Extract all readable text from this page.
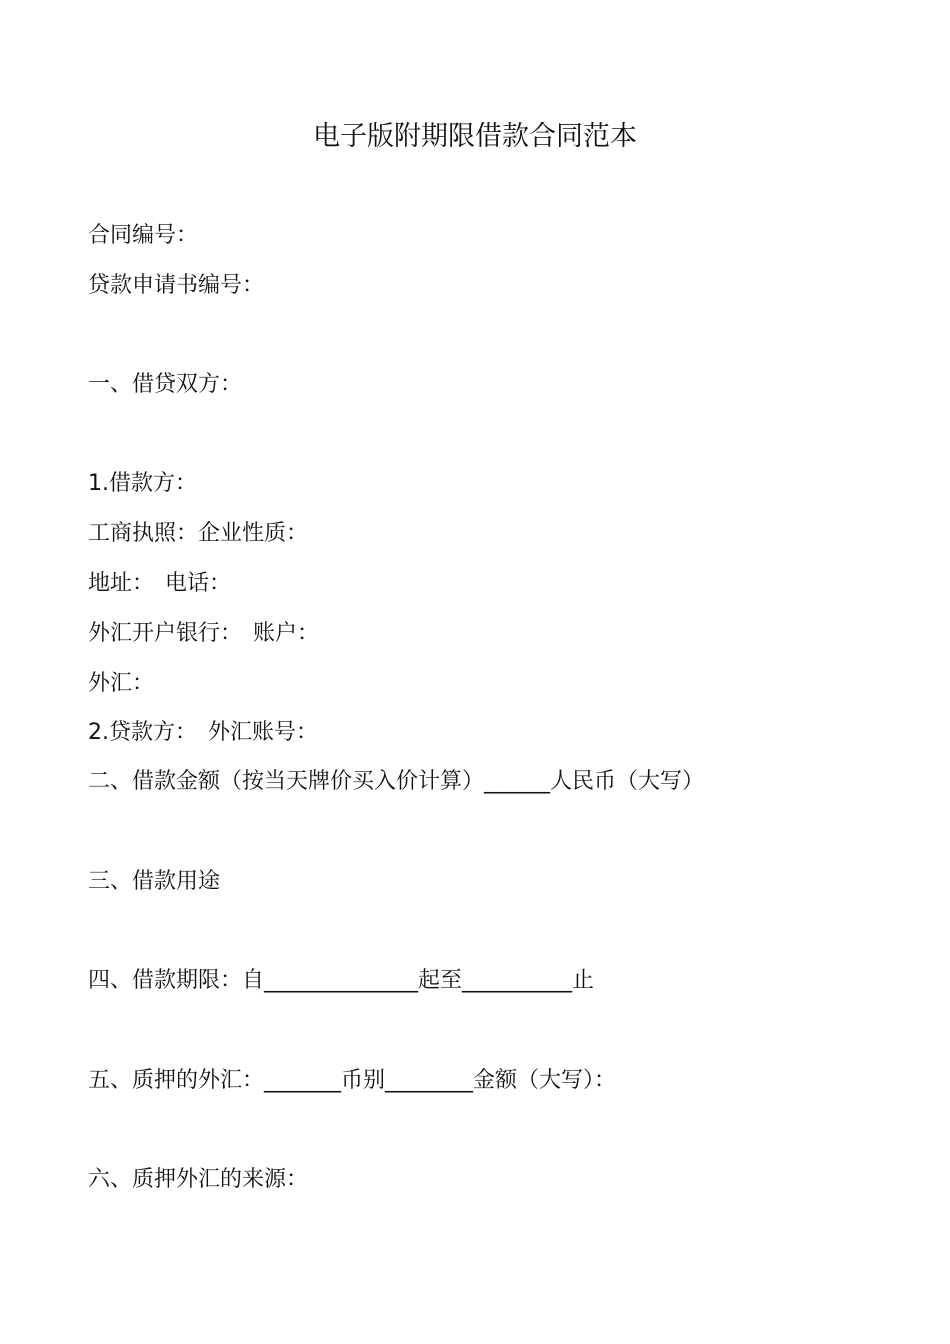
电子版附期限借款合同范本
合同编号：
贷款申请书编号：
一、借贷双方：
1.借款方：
工商执照：企业性质：
地址：　电话：
外汇开户银行：　账户：
外汇：
2.贷款方：　外汇账号：
二、借款金额（按当天牌价买入价计算）______人民币（大写）
三、借款用途
四、借款期限：自______________起至__________止
五、质押的外汇：_______币别________金额（大写）：
六、质押外汇的来源：
